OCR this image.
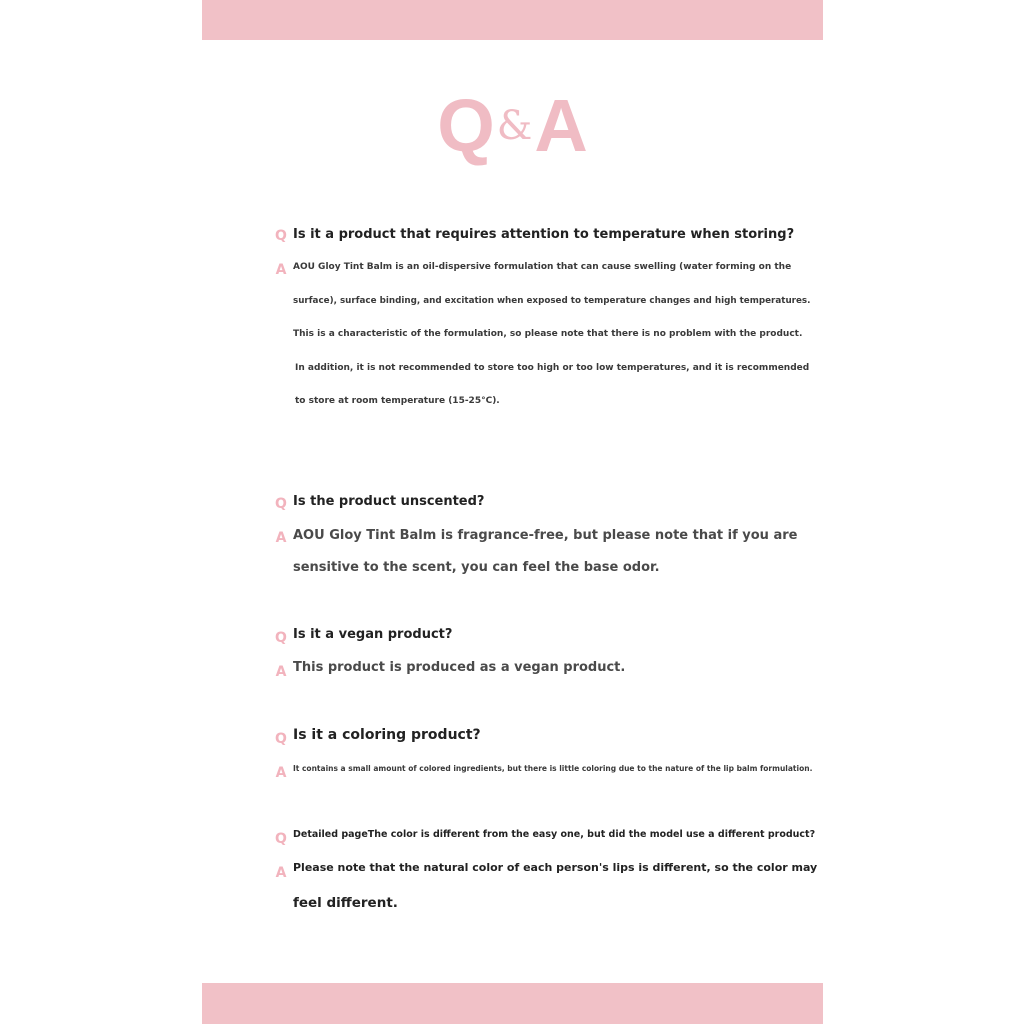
Q&A
Q Is it a product that requires attention to temperature when storing?
A AOU Gloy Tint Balm is an oil-dispersive formulation that can cause swelling (water forming on the
surface), surface binding, and excitation when exposed to temperature changes and high temperatures.
This is a characteristic of the formulation, so please note that there is no problem with the product.
In addition, it is not recommended to store too high or too low temperatures, and it is recommended
to store at room temperature (15-25°C).
Q Is the product unscented?
A AOU Gloy Tint Balm is fragrance-free, but please note that if you are
sensitive to the scent, you can feel the base odor.
Q Is it a vegan product?
A This product is produced as a vegan product.
Q Is it a coloring product?
A It contains a small amount of colored ingredients, but there is little coloring due to the nature of the lip balm formulation.
Q Detailed pageThe color is different from the easy one, but did the model use a different product?
A Please note that the natural color of each person's lips is different, so the color may
feel different.
